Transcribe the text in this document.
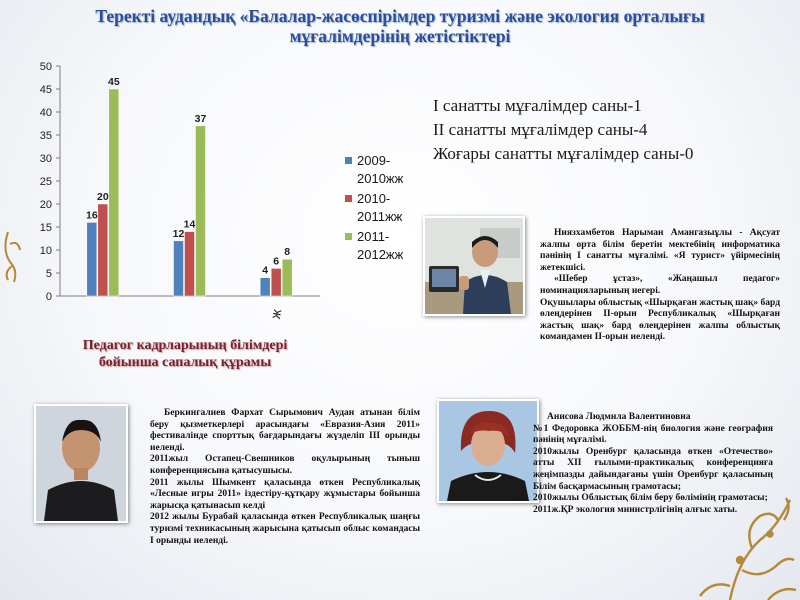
Теректі аудандық «Балалар-жасөспірімдер туризмі және экология орталығы
мұғалімдерінің жетістіктері
0
5
10
15
20
25
30
35
40
45
50
16
20
45
12
14
37
4
6
8
ж
2009-
2010жж
2010-
2011жж
2011-
2012жж
Педагог кадрларының білімдері
бойынша сапалық құрамы
І санатты мұғалімдер саны-1
ІІ санатты мұғалімдер саны-4
Жоғары санатты мұғалімдер саны-0

Ниязхамбетов Нарыман Амангазыұлы - Ақсуат жалпы орта білім беретін мектебінің информатика пәнінің І санатты мұғалімі. «Я турист» үйірмесінің жетекшісі.

«Шебер ұстаз», «Жаңашыл педагог» номинацияларының иегері.

Оқушылары облыстық «Шырқаған жастық шақ» бард өлеңдерінен ІІ-орын Республикалық «Шырқаған жастық шақ» бард өлеңдерінен жалпы облыстық командамен ІІ-орын иеленді.

Беркингалиев Фархат Сырымович Аудан атынан білім беру қызметкерлері арасындағы «Евразия-Азия 2011» фестивалінде спорттық бағдарындағы жүзделіп ІІІ орынды иеленді.

2011жыл Остапец-Свешников оқулырының тыныш конференциясына қатысушысы.

2011 жылы Шымкент қаласында өткен Республикалық «Лесные игры 2011» іздестіру-құтқару жұмыстары бойынша жарысқа қатынасып келді

2012 жылы Бурабай қаласында өткен Республикалық шаңғы туризмі техникасының жарысына қатысып облыс командасы І орынды иеленді.

Анисова Людмила Валентиновна

№1 Федоровка ЖОББМ-нің биология және география пәнінің мұғалімі.

2010жылы Оренбург қаласында өткен «Отечество» атты ХІІ ғылыми-практикалық конференцияға жеңімпазды дайындағаны үшін Оренбург қаласының Білім басқармасының грамотасы;

2010жылы Облыстық білім беру бөлімінің грамотасы;

2011ж.ҚР экология министрлігінің алғыс хаты.
